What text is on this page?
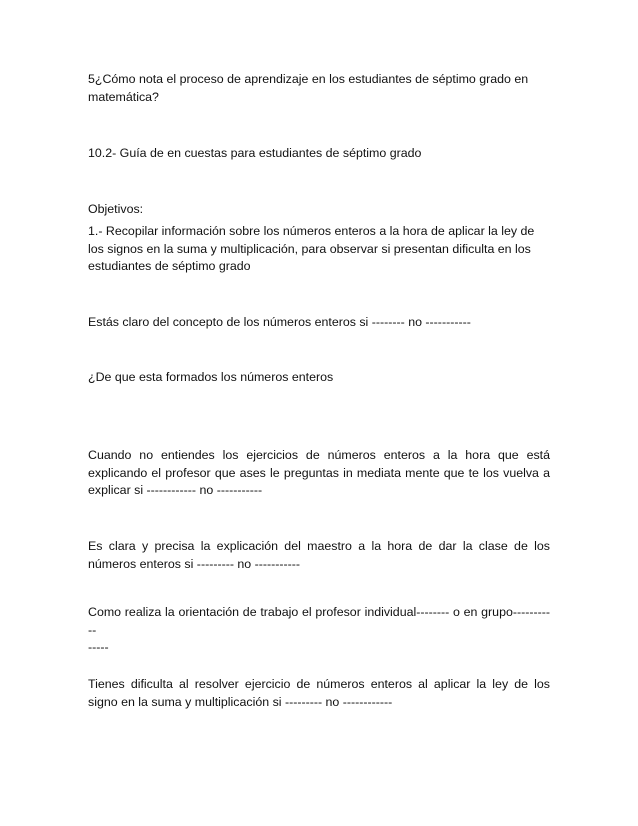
5¿Cómo nota el proceso de aprendizaje en los estudiantes de séptimo grado en
matemática?

10.2- Guía de en cuestas para estudiantes de séptimo grado

Objetivos:

1.- Recopilar información sobre los números enteros a la hora de aplicar la ley de
los signos en la suma y multiplicación, para observar si presentan dificulta en los
estudiantes de séptimo grado

Estás claro del concepto de los números enteros si -------- no -----------

¿De que esta formados los números enteros

Cuando no entiendes los ejercicios de números enteros a la hora que está
explicando el profesor que ases le preguntas in mediata mente que te los vuelva a
explicar si ------------ no -----------

Es clara y precisa la explicación del maestro a la hora de dar la clase de los
números enteros si --------- no -----------

Como realiza la orientación de trabajo el profesor individual-------- o en grupo-----------
-----

Tienes dificulta al resolver ejercicio de números enteros al aplicar la ley de los
signo en la suma y multiplicación si --------- no ------------
